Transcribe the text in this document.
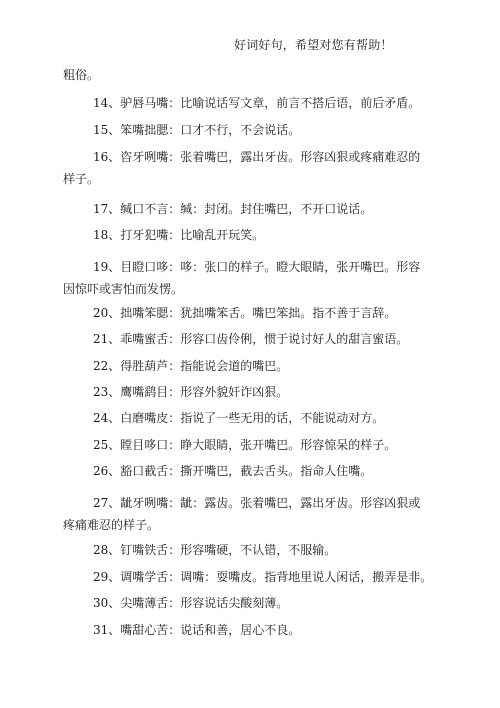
好词好句，希望对您有帮助！
粗俗。
14、驴唇马嘴：比喻说话写文章，前言不搭后语，前后矛盾。
15、笨嘴拙腮：口才不行，不会说话。
16、咨牙咧嘴：张着嘴巴，露出牙齿。形容凶狠或疼痛难忍的
样子。
17、缄口不言：缄：封闭。封住嘴巴，不开口说话。
18、打牙犯嘴：比喻乱开玩笑。
19、目瞪口哆：哆：张口的样子。瞪大眼睛，张开嘴巴。形容
因惊吓或害怕而发愣。
20、拙嘴笨腮：犹拙嘴笨舌。嘴巴笨拙。指不善于言辞。
21、乖嘴蜜舌：形容口齿伶俐，惯于说讨好人的甜言蜜语。
22、得胜葫芦：指能说会道的嘴巴。
23、鹰嘴鹞目：形容外貌奸诈凶狠。
24、白磨嘴皮：指说了一些无用的话，不能说动对方。
25、瞠目哆口：睁大眼睛，张开嘴巴。形容惊呆的样子。
26、豁口截舌：撕开嘴巴，截去舌头。指命人住嘴。
27、龇牙咧嘴：龇：露齿。张着嘴巴，露出牙齿。形容凶狠或
疼痛难忍的样子。
28、钉嘴铁舌：形容嘴硬，不认错，不服输。
29、调嘴学舌：调嘴：耍嘴皮。指背地里说人闲话，搬弄是非。
30、尖嘴薄舌：形容说话尖酸刻薄。
31、嘴甜心苦：说话和善，居心不良。
